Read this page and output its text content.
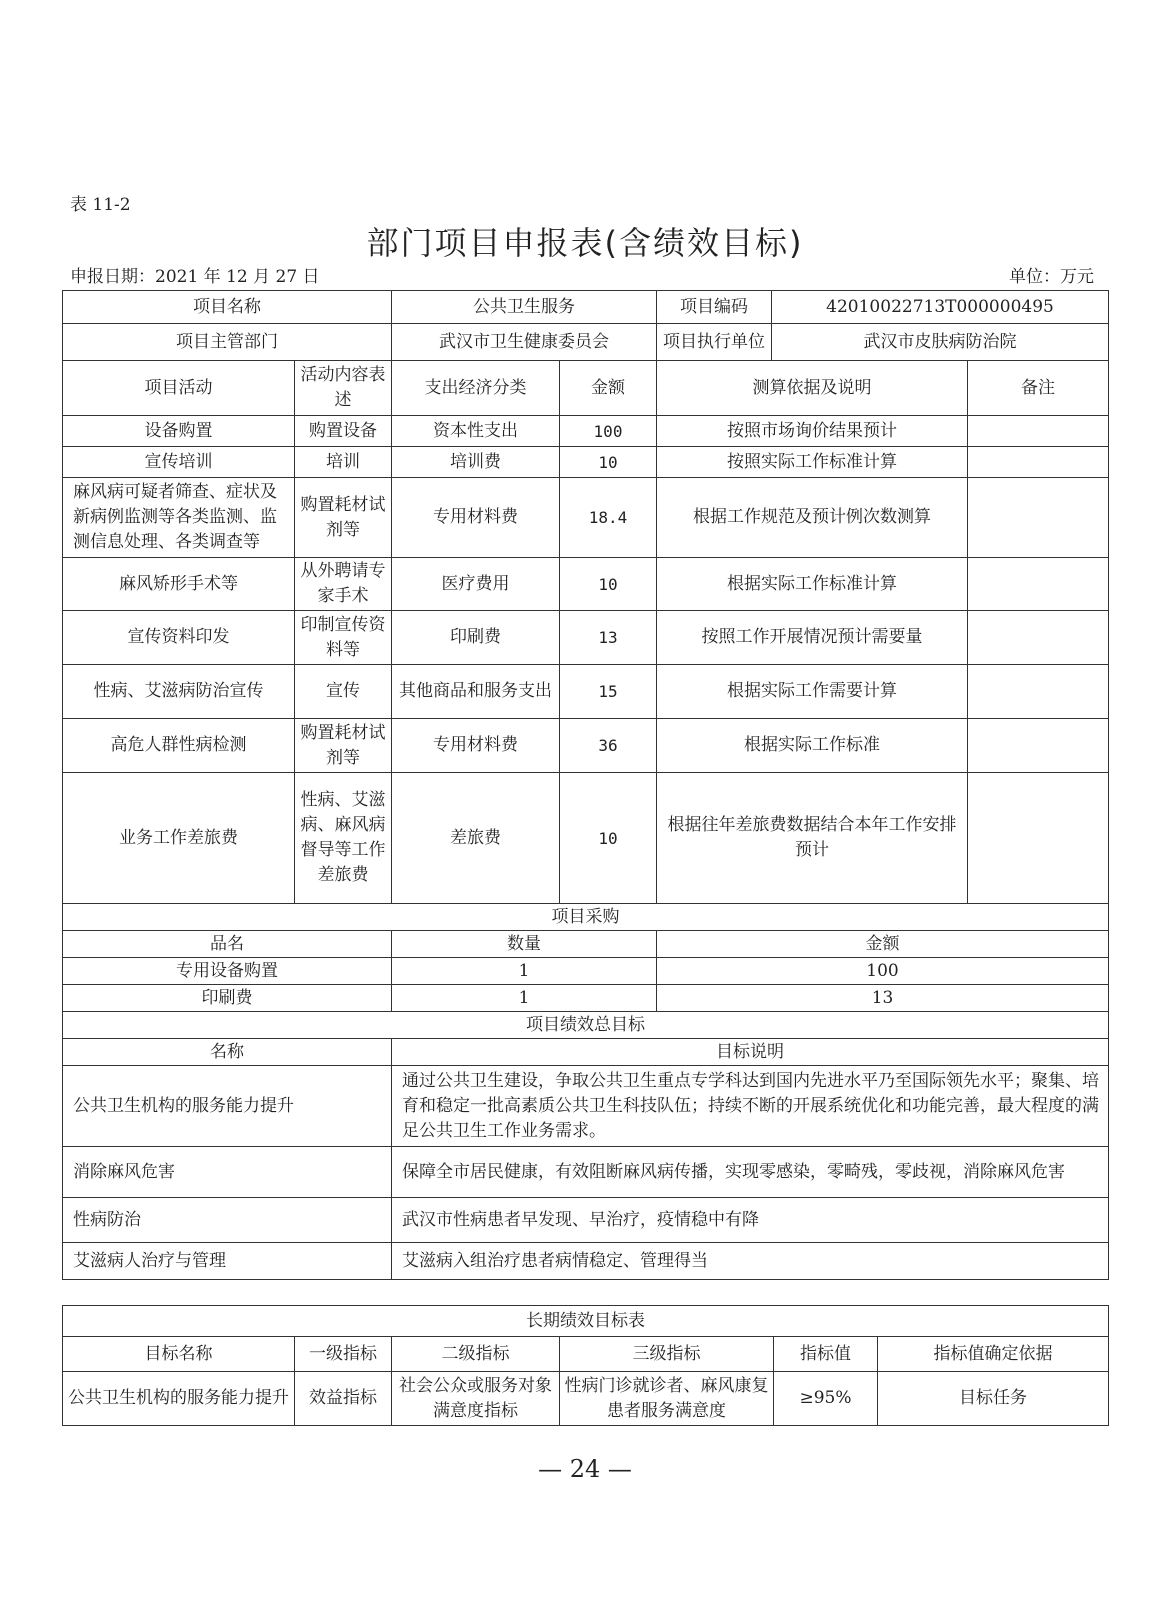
表 11-2
部门项目申报表(含绩效目标)
申报日期：2021 年 12 月 27 日	单位：万元
项目名称		公共卫生服务		项目编码	42010022713T000000495	
项目主管部门		武汉市卫生健康委员会		项目执行单位	武汉市皮肤病防治院	
项目活动	活动内容表述	支出经济分类	金额	测算依据及说明		备注
设备购置	购置设备	资本性支出	100	按照市场询价结果预计		
宣传培训	培训	培训费	10	按照实际工作标准计算		
麻风病可疑者筛查、症状及新病例监测等各类监测、监测信息处理、各类调查等	购置耗材试剂等	专用材料费	18.4	根据工作规范及预计例次数测算		
麻风矫形手术等	从外聘请专家手术	医疗费用	10	根据实际工作标准计算		
宣传资料印发	印制宣传资料等	印刷费	13	按照工作开展情况预计需要量		
性病、艾滋病防治宣传	宣传	其他商品和服务支出	15	根据实际工作需要计算		
高危人群性病检测	购置耗材试剂等	专用材料费	36	根据实际工作标准		
业务工作差旅费	性病、艾滋病、麻风病督导等工作差旅费	差旅费	10	根据往年差旅费数据结合本年工作安排预计		
项目采购						
品名		数量		金额		
专用设备购置		1		100		
印刷费		1		13		
项目绩效总目标						
名称		目标说明				
公共卫生机构的服务能力提升		通过公共卫生建设，争取公共卫生重点专学科达到国内先进水平乃至国际领先水平；聚集、培育和稳定一批高素质公共卫生科技队伍；持续不断的开展系统优化和功能完善，最大程度的满足公共卫生工作业务需求。				
消除麻风危害		保障全市居民健康，有效阻断麻风病传播，实现零感染，零畸残，零歧视，消除麻风危害				
性病防治		武汉市性病患者早发现、早治疗，疫情稳中有降				
艾滋病人治疗与管理		艾滋病入组治疗患者病情稳定、管理得当				
长期绩效目标表					
目标名称	一级指标	二级指标	三级指标	指标值	指标值确定依据
公共卫生机构的服务能力提升	效益指标	社会公众或服务对象满意度指标	性病门诊就诊者、麻风康复患者服务满意度	≥95%	目标任务
— 24 —
